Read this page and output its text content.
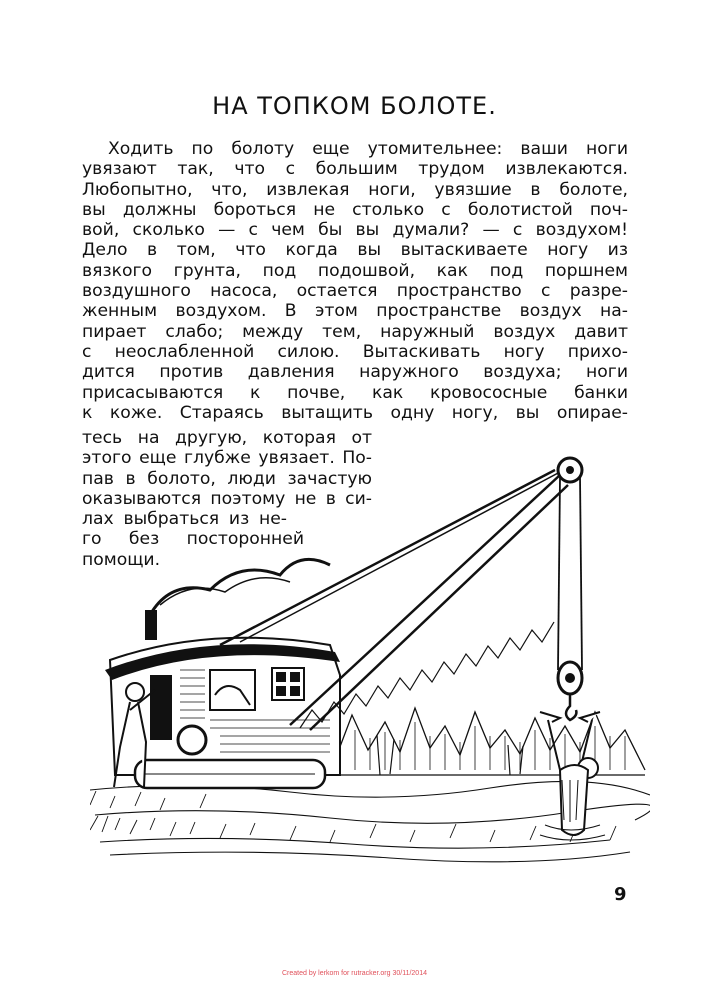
НА ТОПКОМ БОЛОТЕ.
Ходить по болоту еще утомительнее: ваши ноги
увязают так, что с большим трудом извлекаются.
Любопытно, что, извлекая ноги, увязшие в болоте,
вы должны бороться не столько с болотистой поч-
вой, сколько — с чем бы вы думали? — с воздухом!
Дело в том, что когда вы вытаскиваете ногу из
вязкого грунта, под подошвой, как под поршнем
воздушного насоса, остается пространство с разре-
женным воздухом. В этом пространстве воздух на-
пирает слабо; между тем, наружный воздух давит
с неослабленной силою. Вытаскивать ногу прихо-
дится против давления наружного воздуха; ноги
присасываются к почве, как кровососные банки
к коже. Стараясь вытащить одну ногу, вы опирае-
тесь на другую, которая от
этого еще глубже увязает. По-
пав в болото, люди зачастую
оказываются поэтому не в си-
лах выбраться из не-
го без посторонней
помощи.
9
Created by lerkom for rutracker.org 30/11/2014
